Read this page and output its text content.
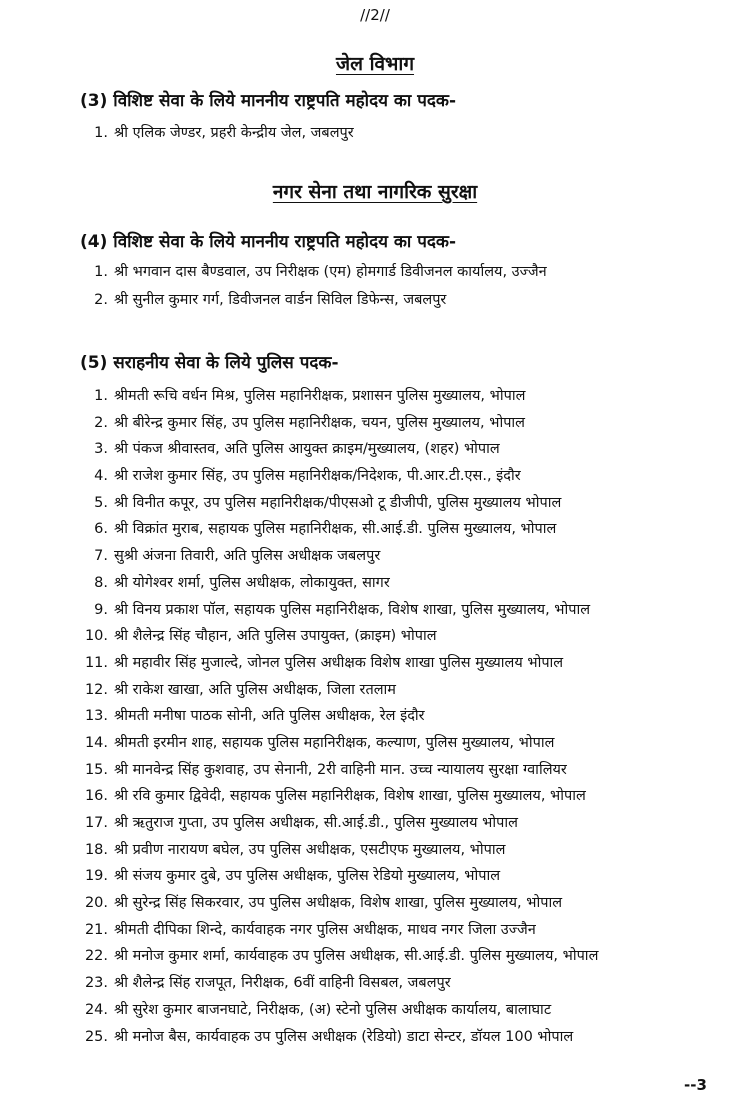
//2//
जेल विभाग
(3) विशिष्ट सेवा के लिये माननीय राष्ट्रपति महोदय का पदक-
1. श्री एलिक जेण्डर, प्रहरी केन्द्रीय जेल, जबलपुर
नगर सेना तथा नागरिक सुरक्षा
(4) विशिष्ट सेवा के लिये माननीय राष्ट्रपति महोदय का पदक-
1. श्री भगवान दास बैण्डवाल, उप निरीक्षक (एम) होमगार्ड डिवीजनल कार्यालय, उज्जैन
2. श्री सुनील कुमार गर्ग, डिवीजनल वार्डन सिविल डिफेन्स, जबलपुर
(5) सराहनीय सेवा के लिये पुलिस पदक-
1. श्रीमती रूचि वर्धन मिश्र, पुलिस महानिरीक्षक, प्रशासन पुलिस मुख्यालय, भोपाल
2. श्री बीरेन्द्र कुमार सिंह, उप पुलिस महानिरीक्षक, चयन, पुलिस मुख्यालय, भोपाल
3. श्री पंकज श्रीवास्तव, अति पुलिस आयुक्त क्राइम/मुख्यालय, (शहर) भोपाल
4. श्री राजेश कुमार सिंह, उप पुलिस महानिरीक्षक/निदेशक, पी.आर.टी.एस., इंदौर
5. श्री विनीत कपूर, उप पुलिस महानिरीक्षक/पीएसओ टू डीजीपी, पुलिस मुख्यालय भोपाल
6. श्री विक्रांत मुराब, सहायक पुलिस महानिरीक्षक, सी.आई.डी. पुलिस मुख्यालय, भोपाल
7. सुश्री अंजना तिवारी, अति पुलिस अधीक्षक जबलपुर
8. श्री योगेश्वर शर्मा, पुलिस अधीक्षक, लोकायुक्त, सागर
9. श्री विनय प्रकाश पॉल, सहायक पुलिस महानिरीक्षक, विशेष शाखा, पुलिस मुख्यालय, भोपाल
10. श्री शैलेन्द्र सिंह चौहान, अति पुलिस उपायुक्त, (क्राइम) भोपाल
11. श्री महावीर सिंह मुजाल्दे, जोनल पुलिस अधीक्षक विशेष शाखा पुलिस मुख्यालय भोपाल
12. श्री राकेश खाखा, अति पुलिस अधीक्षक, जिला रतलाम
13. श्रीमती मनीषा पाठक सोनी, अति पुलिस अधीक्षक, रेल इंदौर
14. श्रीमती इरमीन शाह, सहायक पुलिस महानिरीक्षक, कल्याण, पुलिस मुख्यालय, भोपाल
15. श्री मानवेन्द्र सिंह कुशवाह, उप सेनानी, 2री वाहिनी मान. उच्च न्यायालय सुरक्षा ग्वालियर
16. श्री रवि कुमार द्विवेदी, सहायक पुलिस महानिरीक्षक, विशेष शाखा, पुलिस मुख्यालय, भोपाल
17. श्री ऋतुराज गुप्ता, उप पुलिस अधीक्षक, सी.आई.डी., पुलिस मुख्यालय भोपाल
18. श्री प्रवीण नारायण बघेल, उप पुलिस अधीक्षक, एसटीएफ मुख्यालय, भोपाल
19. श्री संजय कुमार दुबे, उप पुलिस अधीक्षक, पुलिस रेडियो मुख्यालय, भोपाल
20. श्री सुरेन्द्र सिंह सिकरवार, उप पुलिस अधीक्षक, विशेष शाखा, पुलिस मुख्यालय, भोपाल
21. श्रीमती दीपिका शिन्दे, कार्यवाहक नगर पुलिस अधीक्षक, माधव नगर जिला उज्जैन
22. श्री मनोज कुमार शर्मा, कार्यवाहक उप पुलिस अधीक्षक, सी.आई.डी. पुलिस मुख्यालय, भोपाल
23. श्री शैलेन्द्र सिंह राजपूत, निरीक्षक, 6वीं वाहिनी विसबल, जबलपुर
24. श्री सुरेश कुमार बाजनघाटे, निरीक्षक, (अ) स्टेनो पुलिस अधीक्षक कार्यालय, बालाघाट
25. श्री मनोज बैस, कार्यवाहक उप पुलिस अधीक्षक (रेडियो) डाटा सेन्टर, डॉयल 100 भोपाल
--3
